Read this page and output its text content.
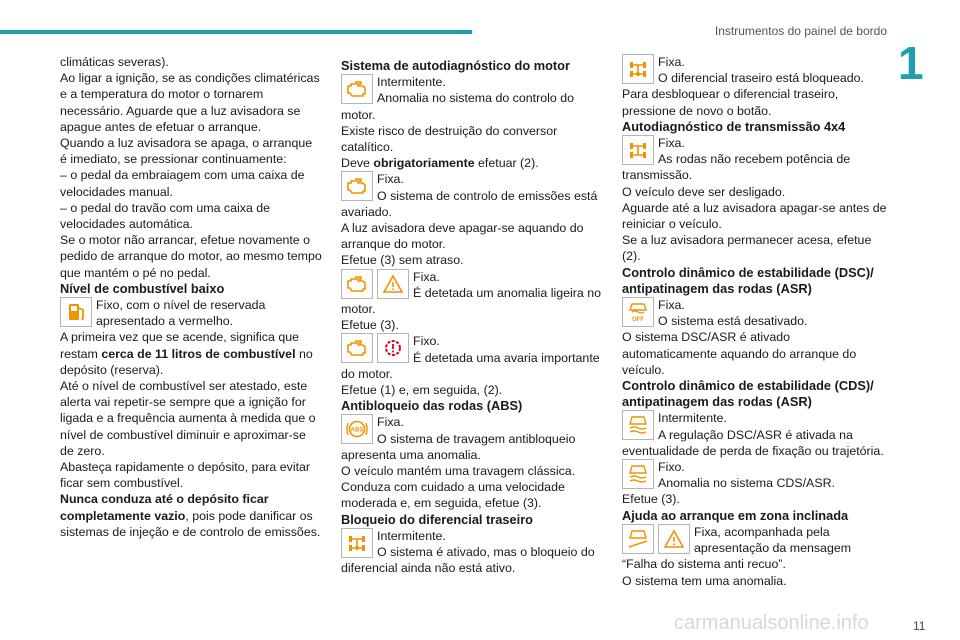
Instrumentos do painel de bordo
1

climáticas severas).

Ao ligar a ignição, se as condições climatéricas e a temperatura do motor o tornarem necessário. Aguarde que a luz avisadora se apague antes de efetuar o arranque.

Quando a luz avisadora se apaga, o arranque é imediato, se pressionar continuamente:

– o pedal da embraiagem com uma caixa de velocidades manual.

– o pedal do travão com uma caixa de velocidades automática.

Se o motor não arrancar, efetue novamente o pedido de arranque do motor, ao mesmo tempo que mantém o pé no pedal.

Nível de combustível baixo

Fixo, com o nível de reservada apresentado a vermelho.

A primeira vez que se acende, significa que restam cerca de 11 litros de combustível no depósito (reserva).

Até o nível de combustível ser atestado, este alerta vai repetir-se sempre que a ignição for ligada e a frequência aumenta à medida que o nível de combustível diminuir e aproximar-se de zero.

Abasteça rapidamente o depósito, para evitar ficar sem combustível.

Nunca conduza até o depósito ficar completamente vazio, pois pode danificar os sistemas de injeção e de controlo de emissões.

Sistema de autodiagnóstico do motor

Intermitente.

Anomalia no sistema do controlo do motor.

Existe risco de destruição do conversor catalítico.

Deve obrigatoriamente efetuar (2).

Fixa.

O sistema de controlo de emissões está avariado.

A luz avisadora deve apagar-se aquando do arranque do motor.

Efetue (3) sem atraso.

Fixa.

É detetada um anomalia ligeira no motor.

Efetue (3).

Fixo.

É detetada uma avaria importante do motor.

Efetue (1) e, em seguida, (2).

Antibloqueio das rodas (ABS)

ABS

Fixa.

O sistema de travagem antibloqueio apresenta uma anomalia.

O veículo mantém uma travagem clássica.

Conduza com cuidado a uma velocidade moderada e, em seguida, efetue (3).

Bloqueio do diferencial traseiro

Intermitente.

O sistema é ativado, mas o bloqueio do diferencial ainda não está ativo.

Fixa.

O diferencial traseiro está bloqueado.

Para desbloquear o diferencial traseiro, pressione de novo o botão.

Autodiagnóstico de transmissão 4x4

Fixa.

As rodas não recebem potência de transmissão.

O veículo deve ser desligado.

Aguarde até a luz avisadora apagar-se antes de reiniciar o veículo.

Se a luz avisadora permanecer acesa, efetue (2).

Controlo dinâmico de estabilidade (DSC)/ antipatinagem das rodas (ASR)

OFF

Fixa.

O sistema está desativado.

O sistema DSC/ASR é ativado automaticamente aquando do arranque do veículo.

Controlo dinâmico de estabilidade (CDS)/ antipatinagem das rodas (ASR)

Intermitente.

A regulação DSC/ASR é ativada na eventualidade de perda de fixação ou trajetória.

Fixo.

Anomalia no sistema CDS/ASR.

Efetue (3).

Ajuda ao arranque em zona inclinada

Fixa, acompanhada pela apresentação da mensagem “Falha do sistema anti recuo”.

O sistema tem uma anomalia.

carmanualsonline.info	11
